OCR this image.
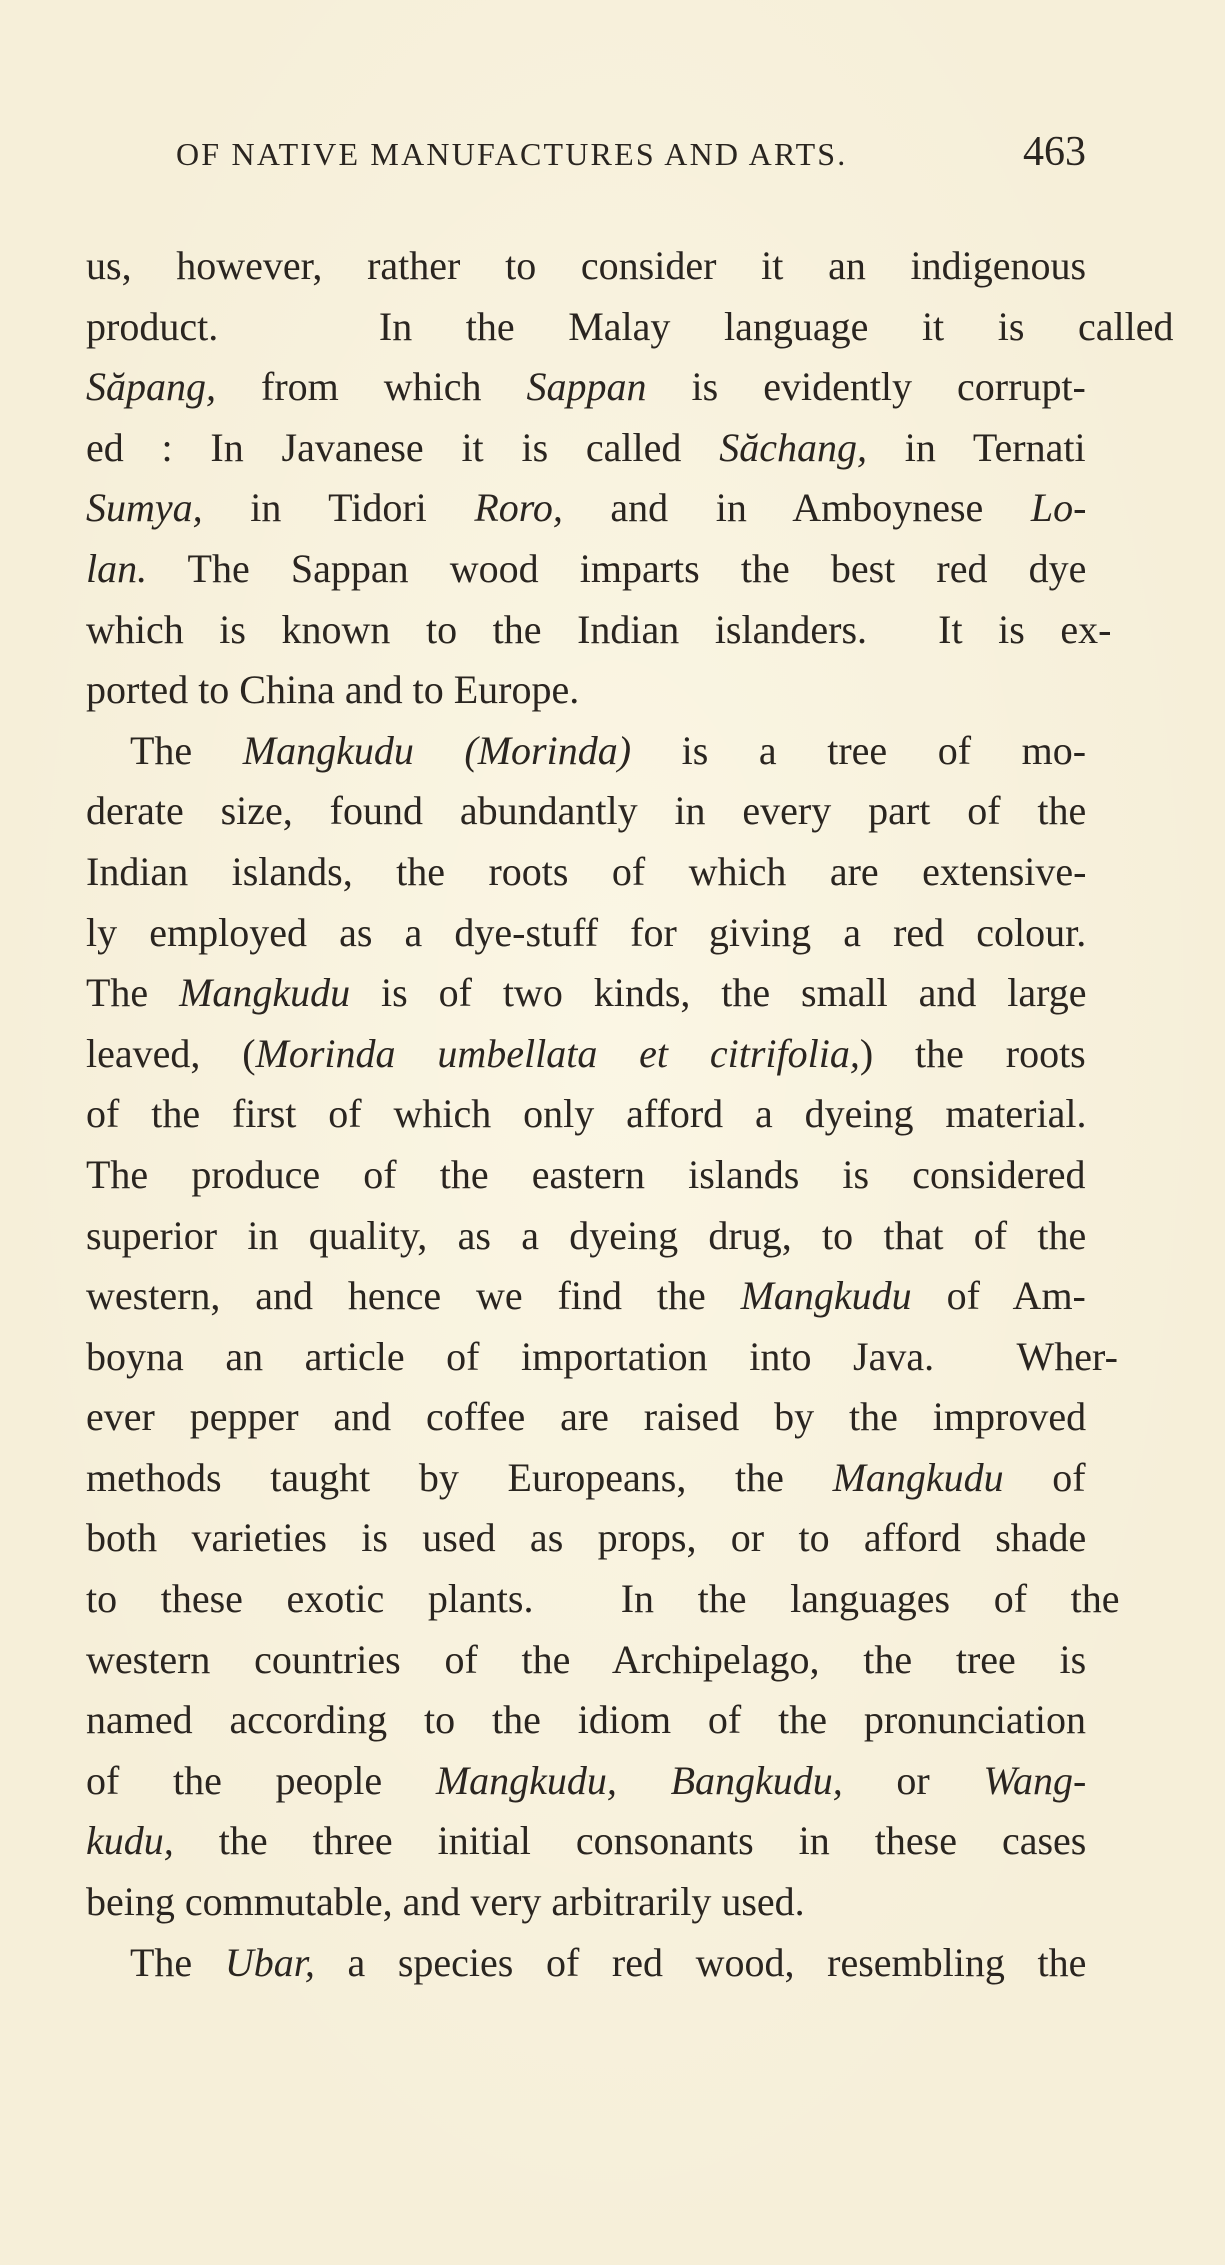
OF NATIVE MANUFACTURES AND ARTS.	463
us, however, rather to consider it an indigenous
product.   In the Malay language it is called
Săpang, from which Sappan is evidently corrupt-
ed : In Javanese it is called Săchang, in Ternati
Sumya, in Tidori Roro, and in Amboynese Lo-
lan. The Sappan wood imparts the best red dye
which is known to the Indian islanders.  It is ex-
ported to China and to Europe.
The Mangkudu (Morinda) is a tree of mo-
derate size, found abundantly in every part of the
Indian islands, the roots of which are extensive-
ly employed as a dye-stuff for giving a red colour.
The Mangkudu is of two kinds, the small and large
leaved, (Morinda umbellata et citrifolia,) the roots
of the first of which only afford a dyeing material.
The produce of the eastern islands is considered
superior in quality, as a dyeing drug, to that of the
western, and hence we find the Mangkudu of Am-
boyna an article of importation into Java.  Wher-
ever pepper and coffee are raised by the improved
methods taught by Europeans, the Mangkudu of
both varieties is used as props, or to afford shade
to these exotic plants.  In the languages of the
western countries of the Archipelago, the tree is
named according to the idiom of the pronunciation
of the people Mangkudu, Bangkudu, or Wang-
kudu, the three initial consonants in these cases
being commutable, and very arbitrarily used.
The Ubar, a species of red wood, resembling the
